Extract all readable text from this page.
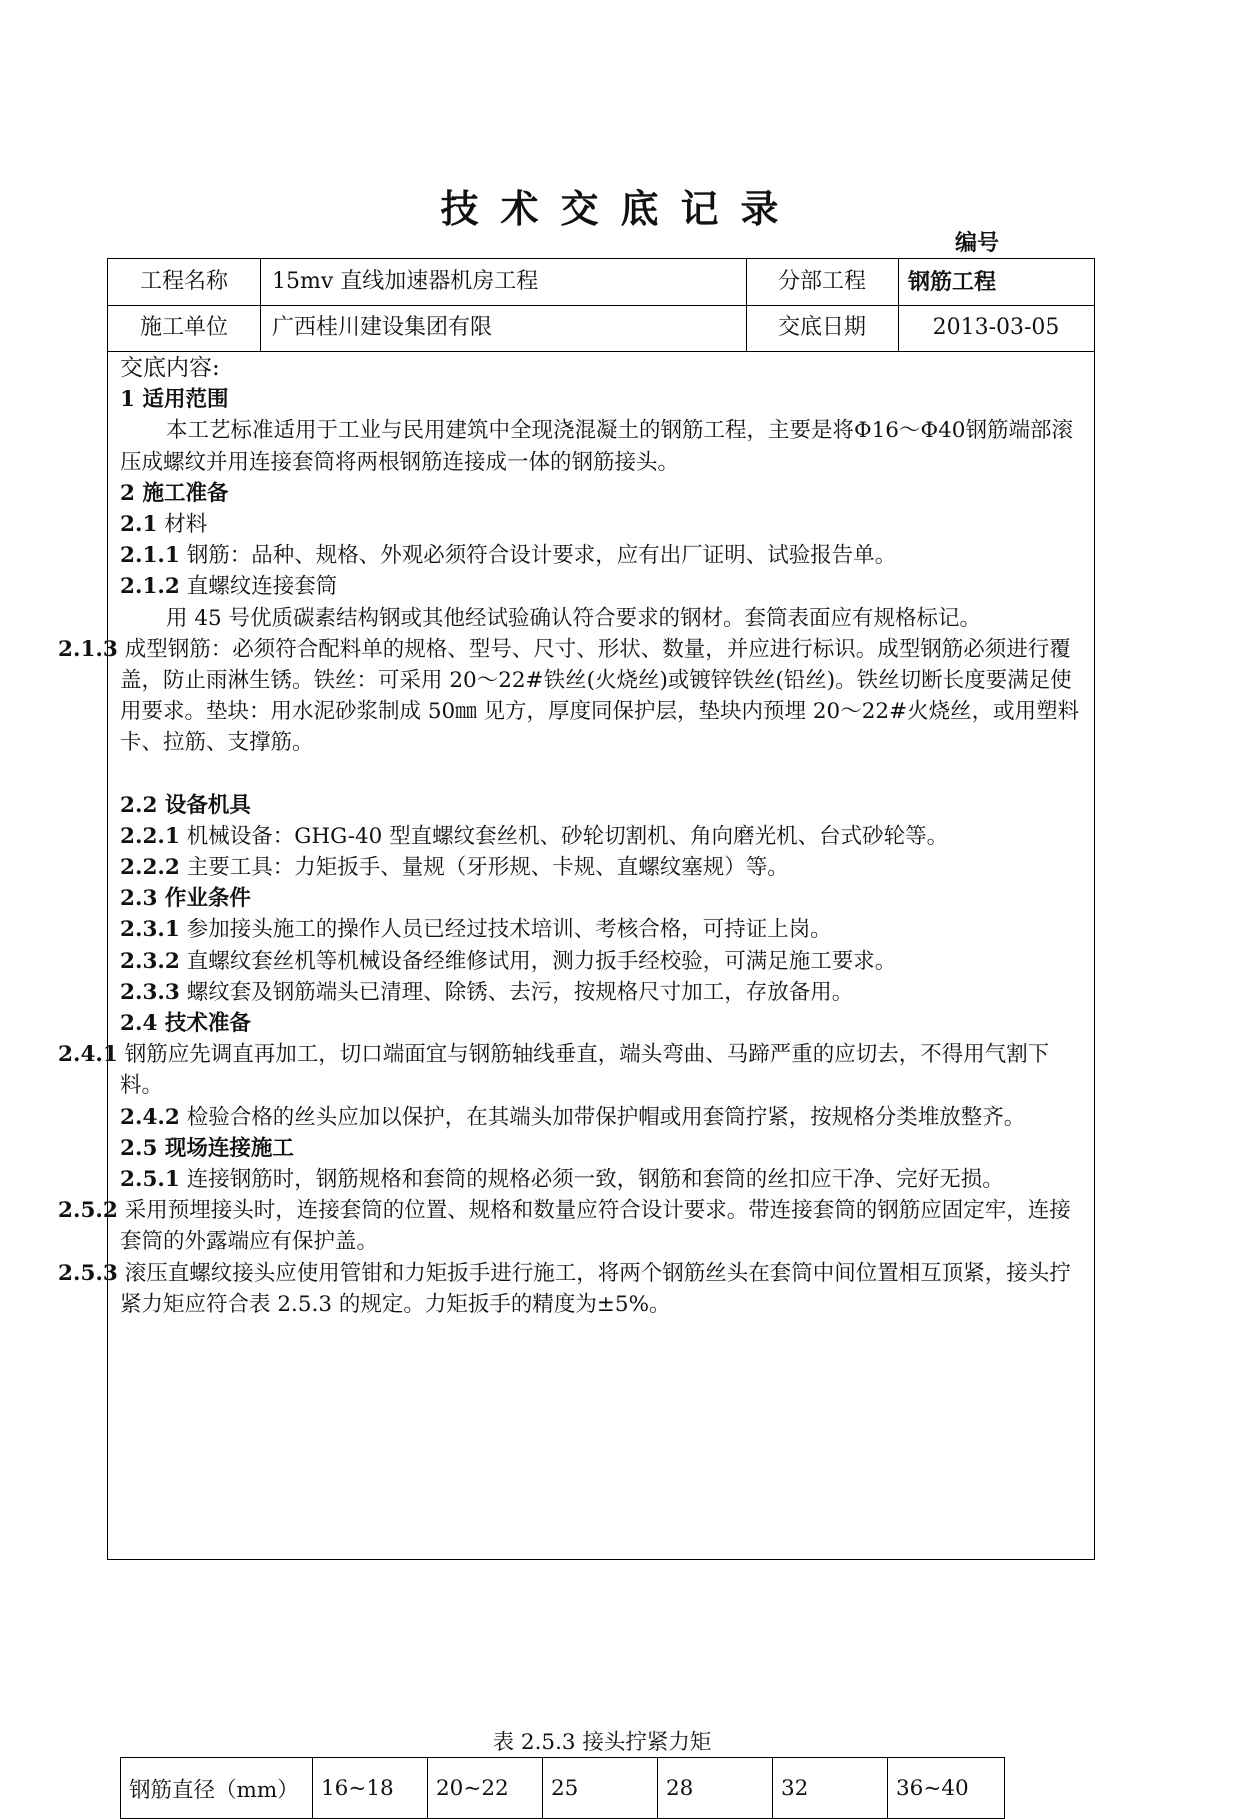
技术交底记录
编号
工程名称	15mv 直线加速器机房工程	分部工程	钢筋工程
施工单位	广西桂川建设集团有限	交底日期	2013-03-05

交底内容:

1 适用范围

本工艺标准适用于工业与民用建筑中全现浇混凝土的钢筋工程，主要是将Φ16～Φ40钢筋端部滚压成螺纹并用连接套筒将两根钢筋连接成一体的钢筋接头。

2 施工准备

2.1 材料

2.1.1 钢筋：品种、规格、外观必须符合设计要求，应有出厂证明、试验报告单。

2.1.2 直螺纹连接套筒

用 45 号优质碳素结构钢或其他经试验确认符合要求的钢材。套筒表面应有规格标记。

2.1.3 成型钢筋：必须符合配料单的规格、型号、尺寸、形状、数量，并应进行标识。成型钢筋必须进行覆盖，防止雨淋生锈。铁丝：可采用 20～22#铁丝(火烧丝)或镀锌铁丝(铅丝)。铁丝切断长度要满足使用要求。垫块：用水泥砂浆制成 50㎜ 见方，厚度同保护层，垫块内预埋 20～22#火烧丝，或用塑料卡、拉筋、支撑筋。

2.2 设备机具

2.2.1 机械设备：GHG-40 型直螺纹套丝机、砂轮切割机、角向磨光机、台式砂轮等。

2.2.2 主要工具：力矩扳手、量规（牙形规、卡规、直螺纹塞规）等。

2.3 作业条件

2.3.1 参加接头施工的操作人员已经过技术培训、考核合格，可持证上岗。

2.3.2 直螺纹套丝机等机械设备经维修试用，测力扳手经校验，可满足施工要求。

2.3.3 螺纹套及钢筋端头已清理、除锈、去污，按规格尺寸加工，存放备用。

2.4 技术准备

2.4.1 钢筋应先调直再加工，切口端面宜与钢筋轴线垂直，端头弯曲、马蹄严重的应切去，不得用气割下料。

2.4.2 检验合格的丝头应加以保护，在其端头加带保护帽或用套筒拧紧，按规格分类堆放整齐。

2.5 现场连接施工

2.5.1 连接钢筋时，钢筋规格和套筒的规格必须一致，钢筋和套筒的丝扣应干净、完好无损。

2.5.2 采用预埋接头时，连接套筒的位置、规格和数量应符合设计要求。带连接套筒的钢筋应固定牢，连接套筒的外露端应有保护盖。

2.5.3 滚压直螺纹接头应使用管钳和力矩扳手进行施工，将两个钢筋丝头在套筒中间位置相互顶紧，接头拧紧力矩应符合表 2.5.3 的规定。力矩扳手的精度为±5%。

表 2.5.3 接头拧紧力矩
钢筋直径（mm）	16~18	20~22	25	28	32	36~40
